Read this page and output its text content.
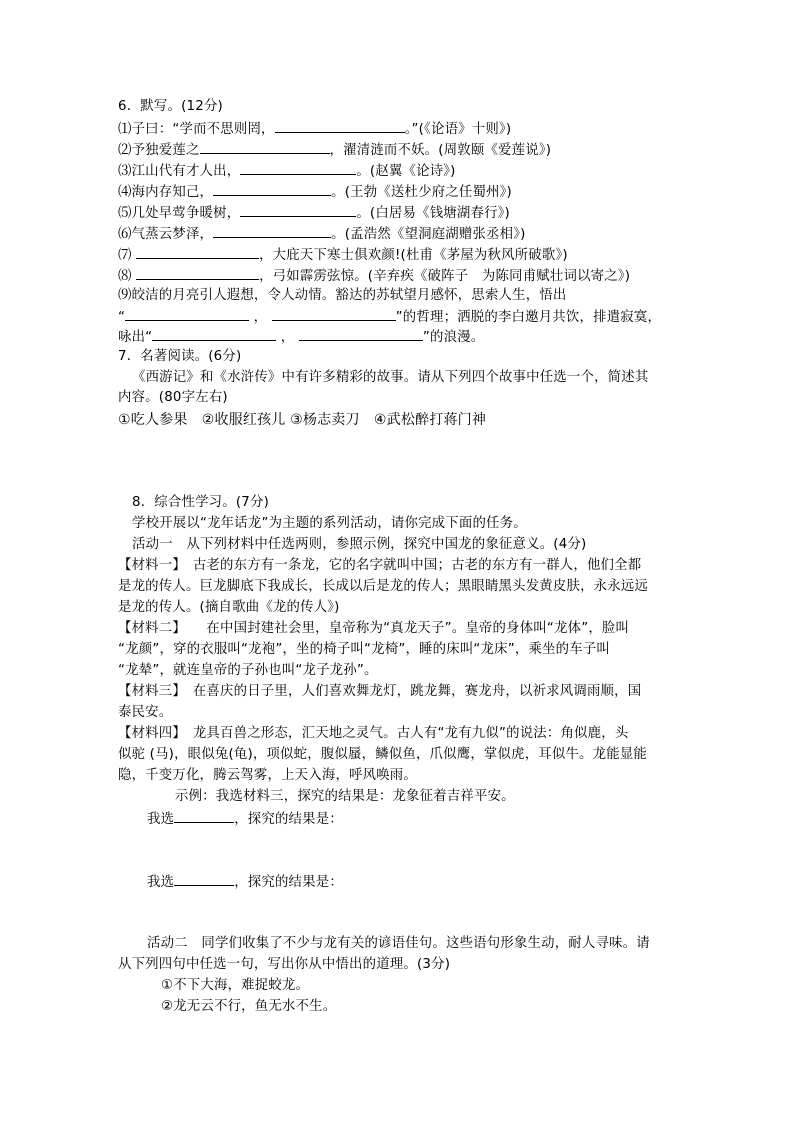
6．默写。(12分)
⑴子曰：“学而不思则罔，	。”(《论语》十则》)
⑵予独爱莲之	，濯清涟而不妖。(周敦颐《爱莲说》)
⑶江山代有才人出，	。(赵翼《论诗》)
⑷海内存知己，	。(王勃《送杜少府之任蜀州》)
⑸几处早莺争暖树，	。(白居易《钱塘湖春行》)
⑹气蒸云梦泽，	。(孟浩然《望洞庭湖赠张丞相》)
⑺	，大庇天下寒士俱欢颜!(杜甫《茅屋为秋风所破歌》)
⑻	，弓如霹雳弦惊。(辛弃疾《破阵子　为陈同甫赋壮词以寄之》)
⑼皎洁的月亮引人遐想，令人动情。豁达的苏轼望月感怀，思索人生，悟出
“	，	”的哲理；洒脱的李白邀月共饮，排遣寂寞，
咏出“	，	”的浪漫。
7．名著阅读。(6分)
《西游记》和《水浒传》中有许多精彩的故事。请从下列四个故事中任选一个，简述其
内容。(80字左右)
①吃人参果　②收服红孩儿 ③杨志卖刀　④武松醉打蒋门神
8．综合性学习。(7分)
学校开展以“龙年话龙”为主题的系列活动，请你完成下面的任务。
活动一　从下列材料中任选两则，参照示例，探究中国龙的象征意义。(4分)
【材料一】　古老的东方有一条龙，它的名字就叫中国；古老的东方有一群人，他们全都
是龙的传人。巨龙脚底下我成长，长成以后是龙的传人；黑眼睛黑头发黄皮肤，永永远远
是龙的传人。(摘自歌曲《龙的传人》)
【材料二】　　在中国封建社会里，皇帝称为“真龙天子”。皇帝的身体叫“龙体”，脸叫
“龙颜”，穿的衣服叫“龙袍”，坐的椅子叫“龙椅”，睡的床叫“龙床”，乘坐的车子叫
“龙辇”，就连皇帝的子孙也叫“龙子龙孙”。
【材料三】　在喜庆的日子里，人们喜欢舞龙灯，跳龙舞，赛龙舟，以祈求风调雨顺，国
泰民安。
【材料四】　龙具百兽之形态，汇天地之灵气。古人有“龙有九似”的说法：角似鹿，头
似驼 (马)，眼似兔(龟)，项似蛇，腹似蜃，鳞似鱼，爪似鹰，掌似虎，耳似牛。龙能显能
隐，千变万化，腾云驾雾，上天入海，呼风唤雨。
示例：我选材料三，探究的结果是：龙象征着吉祥平安。
我选	，探究的结果是：
我选	，探究的结果是：
活动二　同学们收集了不少与龙有关的谚语佳句。这些语句形象生动，耐人寻味。请
从下列四句中任选一句，写出你从中悟出的道理。(3分)
①不下大海，难捉蛟龙。
②龙无云不行，鱼无水不生。
